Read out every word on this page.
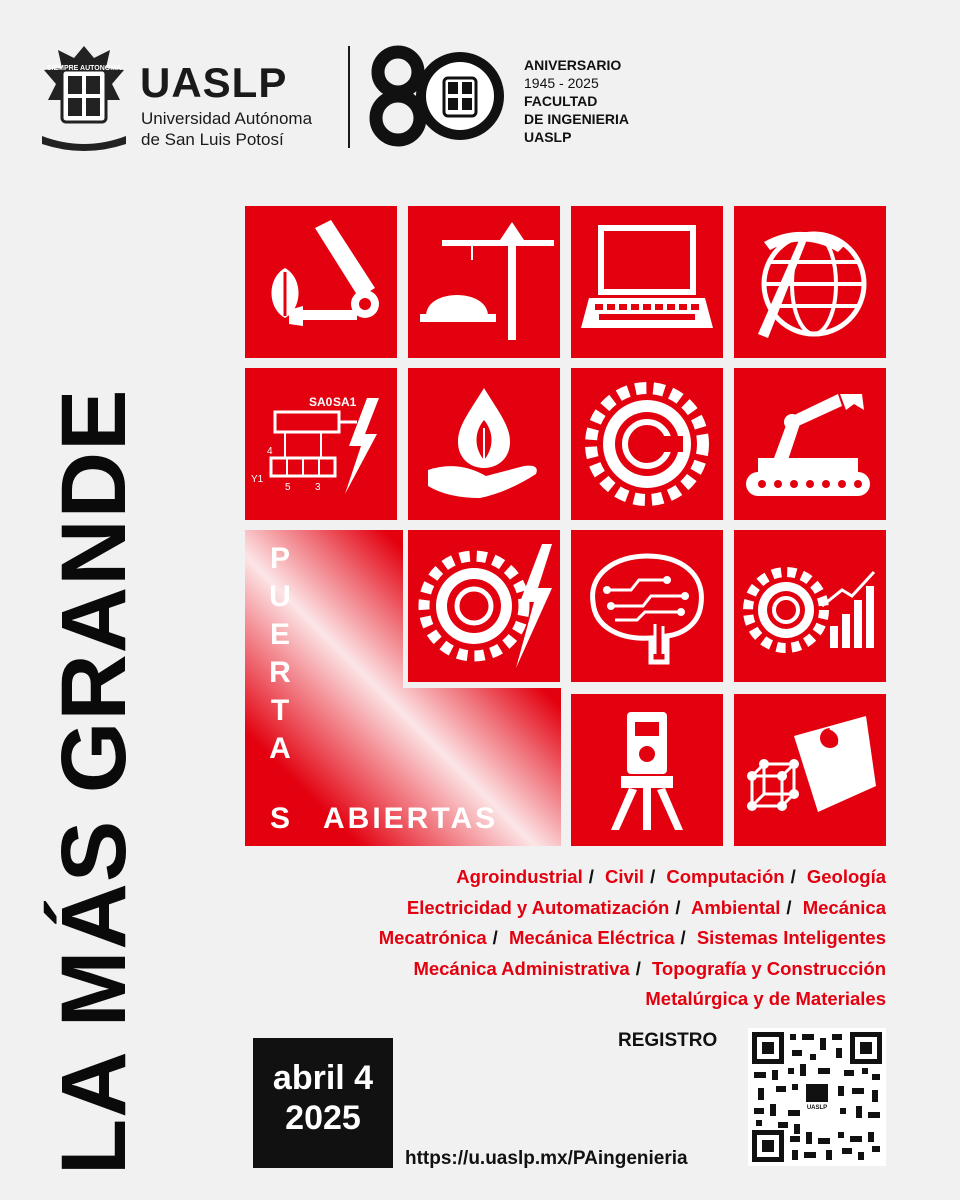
SIEMPRE AUTONOMA UASLP
Universidad Autónoma
de San Luis Potosí
ANIVERSARIO
1945 - 2025
FACULTAD
DE INGENIERIA
UASLP
LA MÁS GRANDE	SA0 SA1
4
5 3
Y1
P
U
E
R
T
A
S ABIERTAS
Agroindustrial / Civil / Computación / Geología
Electricidad y Automatización / Ambiental / Mecánica
Mecatrónica / Mecánica Eléctrica / Sistemas Inteligentes
Mecánica Administrativa / Topografía y Construcción
Metalúrgica y de Materiales
abril 4
2025
REGISTRO
https://u.uaslp.mx/PAingenieria
UASLP
